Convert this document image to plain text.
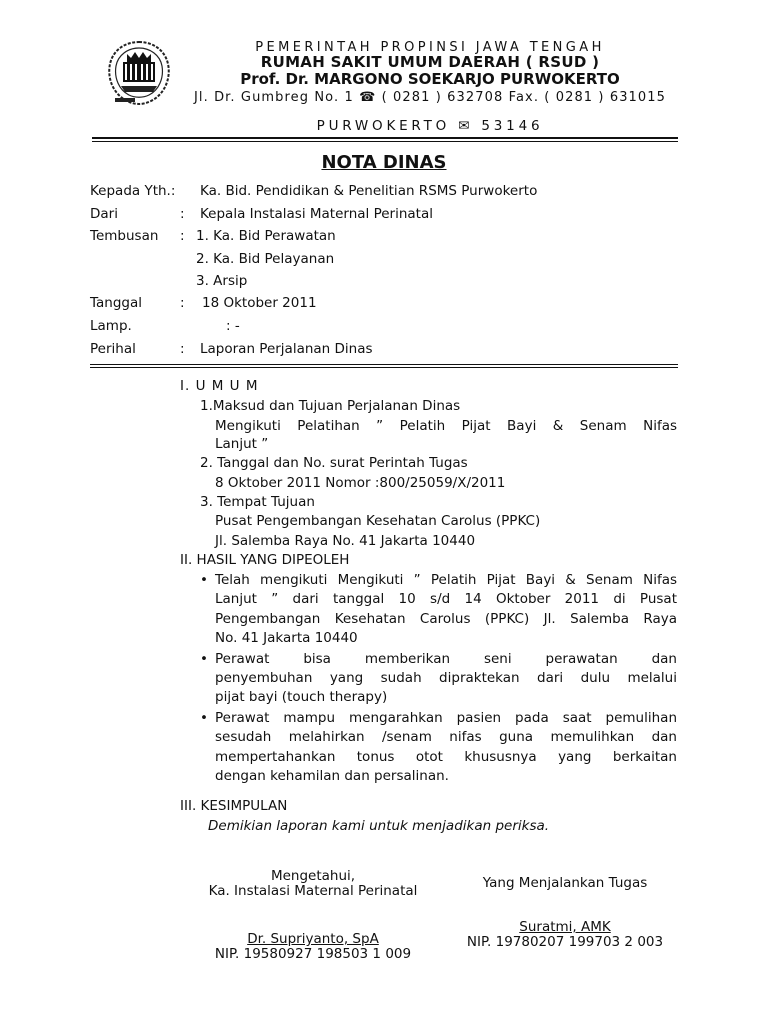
PEMERINTAH PROPINSI JAWA TENGAH
RUMAH SAKIT UMUM DAERAH ( RSUD )
Prof. Dr. MARGONO SOEKARJO PURWOKERTO
Jl. Dr. Gumbreg No. 1 ☎ ( 0281 ) 632708 Fax. ( 0281 ) 631015
PURWOKERTO ✉ 53146
NOTA DINAS
Kepada Yth.: Ka. Bid. Pendidikan & Penelitian RSMS Purwokerto
Dari	: Kepala Instalasi Maternal Perinatal
Tembusan : 1. Ka. Bid Perawatan
2. Ka. Bid Pelayanan
3. Arsip
Tanggal	: 18 Oktober 2011
Lamp.	: -
Perihal	: Laporan Perjalanan Dinas
I. U M U M
1.Maksud dan Tujuan Perjalanan Dinas
Mengikuti Pelatihan ” Pelatih Pijat Bayi & Senam Nifas
Lanjut ”
2. Tanggal dan No. surat Perintah Tugas
8 Oktober 2011 Nomor :800/25059/X/2011
3. Tempat Tujuan
Pusat Pengembangan Kesehatan Carolus (PPKC)
Jl. Salemba Raya No. 41 Jakarta 10440
II. HASIL YANG DIPEOLEH
• Telah mengikuti Mengikuti ” Pelatih Pijat Bayi & Senam Nifas
Lanjut ” dari tanggal 10 s/d 14 Oktober 2011 di Pusat
Pengembangan Kesehatan Carolus (PPKC) Jl. Salemba Raya
No. 41 Jakarta 10440
• Perawat bisa memberikan seni perawatan dan
penyembuhan yang sudah dipraktekan dari dulu melalui
pijat bayi (touch therapy)
• Perawat mampu mengarahkan pasien pada saat pemulihan
sesudah melahirkan /senam nifas guna memulihkan dan
mempertahankan tonus otot khususnya yang berkaitan
dengan kehamilan dan persalinan.
III. KESIMPULAN
Demikian laporan kami untuk menjadikan periksa.
Mengetahui,
Ka. Instalasi Maternal Perinatal
Dr. Supriyanto, SpA
NIP. 19580927 198503 1 009
Yang Menjalankan Tugas
Suratmi, AMK
NIP. 19780207 199703 2 003
